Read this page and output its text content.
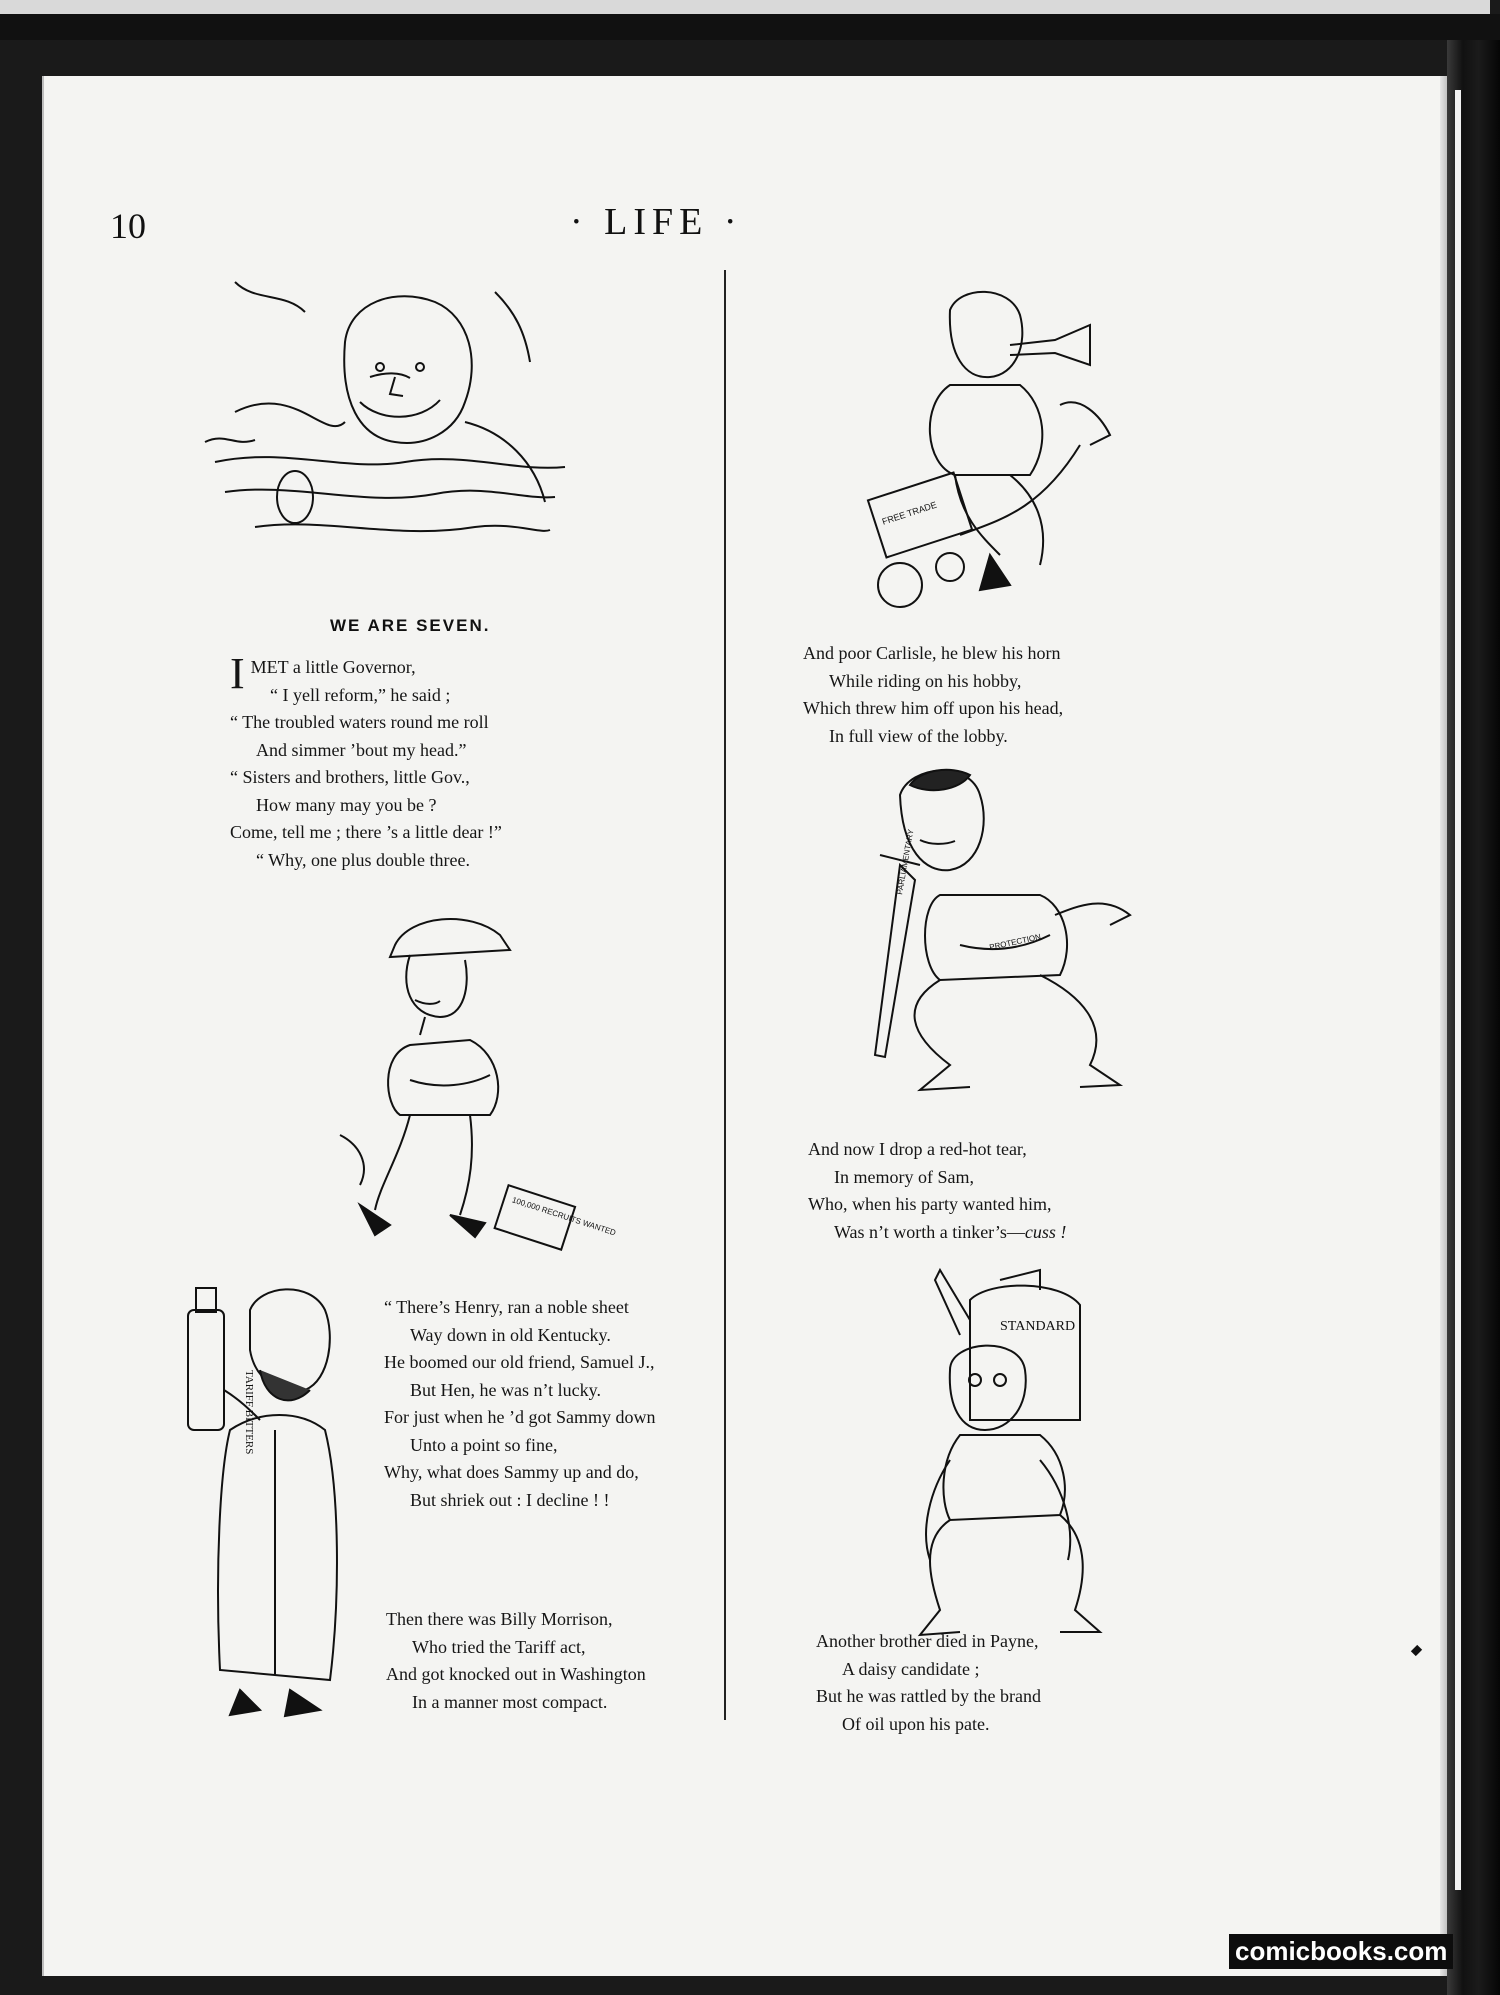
10	· LIFE ·
WE ARE SEVEN.
IMET a little Governor,
“ I yell reform,” he said ;
“ The troubled waters round me roll
And simmer ’bout my head.”
“ Sisters and brothers, little Gov.,
How many may you be ?
Come, tell me ; there ’s a little dear !”
“ Why, one plus double three.
100,000 RECRUITS WANTED
TARIFF BITTERS
“ There’s Henry, ran a noble sheet
Way down in old Kentucky.
He boomed our old friend, Samuel J.,
But Hen, he was n’t lucky.
For just when he ’d got Sammy down
Unto a point so fine,
Why, what does Sammy up and do,
But shriek out : I decline ! !
Then there was Billy Morrison,
Who tried the Tariff act,
And got knocked out in Washington
In a manner most compact.
FREE TRADE
And poor Carlisle, he blew his horn
While riding on his hobby,
Which threw him off upon his head,
In full view of the lobby.
PARLIAMENTARY
PROTECTION
And now I drop a red-hot tear,
In memory of Sam,
Who, when his party wanted him,
Was n’t worth a tinker’s—cuss !
STANDARD
Another brother died in Payne,
A daisy candidate ;
But he was rattled by the brand
Of oil upon his pate.
comicbooks.com
